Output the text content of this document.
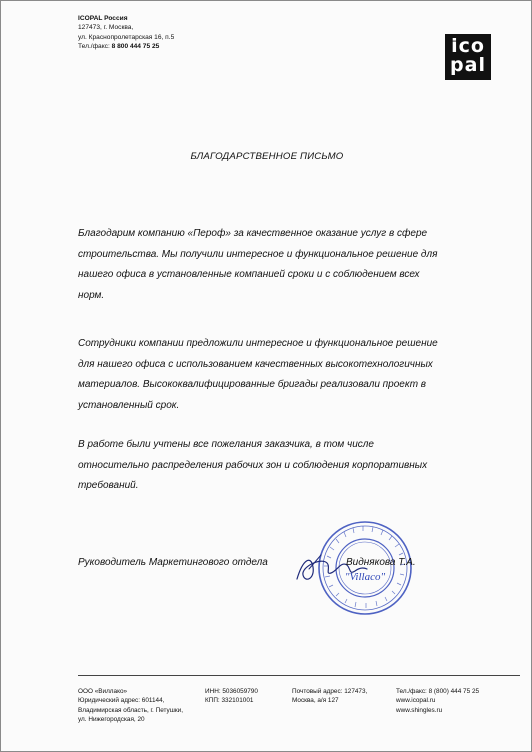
ICOPAL Россия
127473, г. Москва,
ул. Краснопролетарская 16, п.5
Тел./факс: 8 800 444 75 25	ico
pal
БЛАГОДАРСТВЕННОЕ ПИСЬМО
Благодарим компанию «Пероф» за качественное оказание услуг в сфере
строительства. Мы получили интересное и функциональное решение для
нашего офиса в установленные компанией сроки и с соблюдением всех
норм.
Сотрудники компании предложили интересное и функциональное решение
для нашего офиса с использованием качественных высокотехнологичных
материалов. Высококвалифицированные бригады реализовали проект в
установленный срок.
В работе были учтены все пожелания заказчика, в том числе
относительно распределения рабочих зон и соблюдения корпоративных
требований.
"Villaco"
Руководитель Маркетингового отдела	Виднякова Т.А.
ООО «Виллако»
Юридический адрес: 601144,
Владимирская область, г. Петушки,
ул. Нижегородская, 20
ИНН: 5036059790
КПП: 332101001
Почтовый адрес: 127473,
Москва, а/я 127
Тел./факс: 8 (800) 444 75 25
www.icopal.ru
www.shingles.ru
